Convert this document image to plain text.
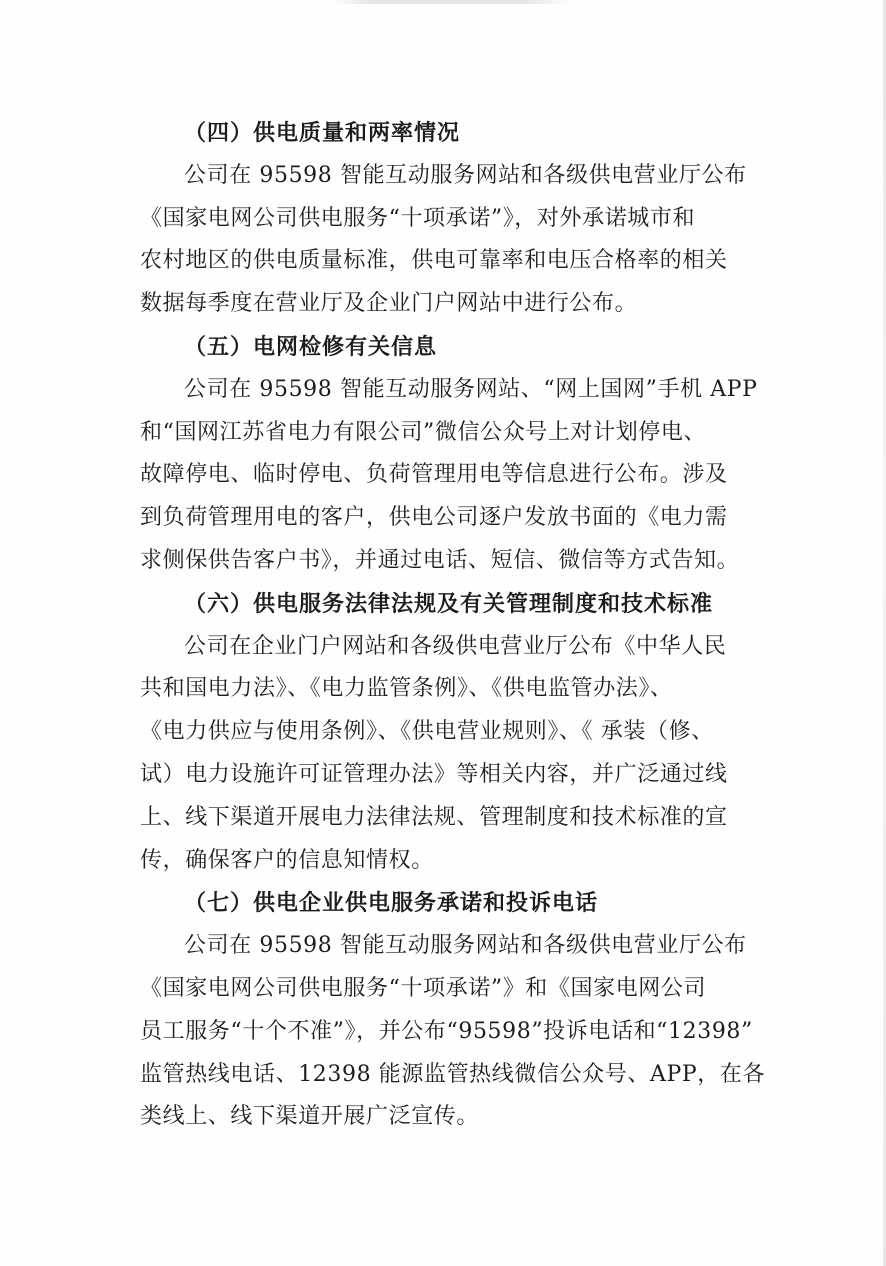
（四）供电质量和两率情况
公司在 95598 智能互动服务网站和各级供电营业厅公布
《国家电网公司供电服务“十项承诺”》，对外承诺城市和
农村地区的供电质量标准，供电可靠率和电压合格率的相关
数据每季度在营业厅及企业门户网站中进行公布。
（五）电网检修有关信息
公司在 95598 智能互动服务网站、“网上国网”手机 APP
和“国网江苏省电力有限公司”微信公众号上对计划停电、
故障停电、临时停电、负荷管理用电等信息进行公布。涉及
到负荷管理用电的客户，供电公司逐户发放书面的《电力需
求侧保供告客户书》，并通过电话、短信、微信等方式告知。
（六）供电服务法律法规及有关管理制度和技术标准
公司在企业门户网站和各级供电营业厅公布《中华人民
共和国电力法》、《电力监管条例》、《供电监管办法》、
《电力供应与使用条例》、《供电营业规则》、《 承装（修、
试）电力设施许可证管理办法》等相关内容，并广泛通过线
上、线下渠道开展电力法律法规、管理制度和技术标准的宣
传，确保客户的信息知情权。
（七）供电企业供电服务承诺和投诉电话
公司在 95598 智能互动服务网站和各级供电营业厅公布
《国家电网公司供电服务“十项承诺”》和《国家电网公司
员工服务“十个不准”》，并公布“95598”投诉电话和“12398”
监管热线电话、12398 能源监管热线微信公众号、APP，在各
类线上、线下渠道开展广泛宣传。
